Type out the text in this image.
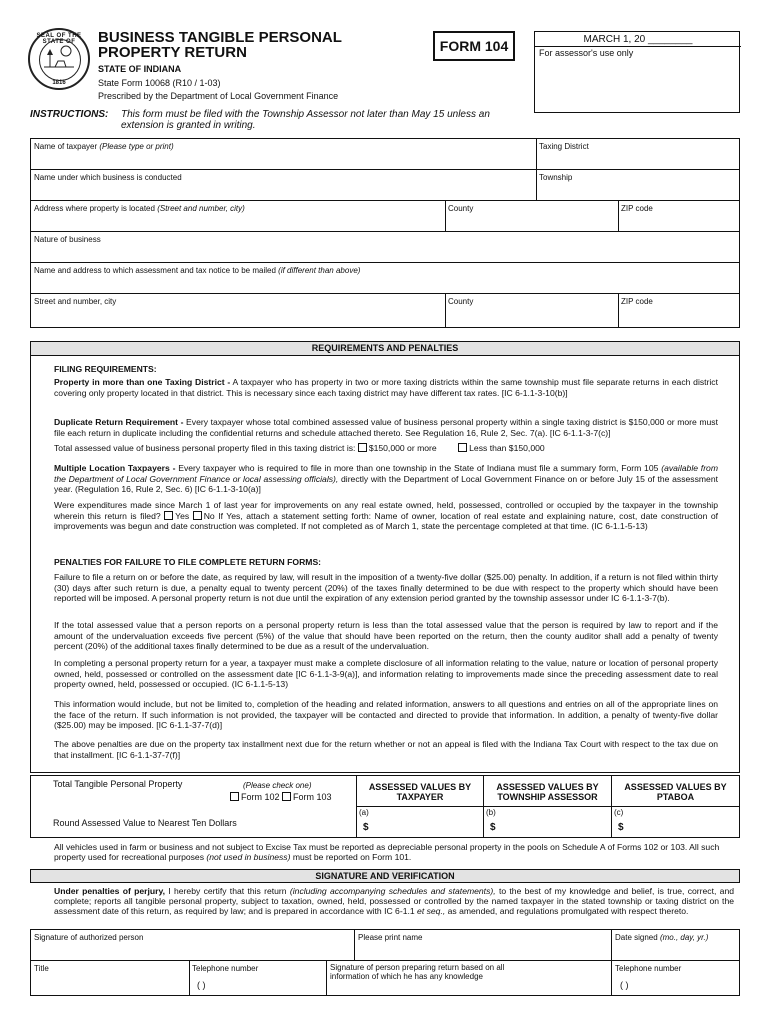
SEAL OF THE STATE OF
1816
BUSINESS TANGIBLE PERSONAL
PROPERTY RETURN
STATE OF INDIANA
State Form 10068 (R10 / 1-03)
Prescribed by the Department of Local Government Finance
FORM 104	MARCH 1, 20 ________
For assessor's use only
INSTRUCTIONS: This form must be filed with the Township Assessor not later than May 15 unless an extension is granted in writing.
Name of taxpayer (Please type or print)	Taxing District
Name under which business is conducted	Township
Address where property is located (Street and number, city)	County	ZIP code
Nature of business
Name and address to which assessment and tax notice to be mailed (if different than above)
Street and number, city	County	ZIP code
REQUIREMENTS AND PENALTIES
FILING REQUIREMENTS:
Property in more than one Taxing District - A taxpayer who has property in two or more taxing districts within the same township must file separate returns in each district covering only property located in that district. This is necessary since each taxing district may have different tax rates. [IC 6-1.1-3-10(b)]
Duplicate Return Requirement - Every taxpayer whose total combined assessed value of business personal property within a single taxing district is $150,000 or more must file each return in duplicate including the confidential returns and schedule attached thereto. See Regulation 16, Rule 2, Sec. 7(a). [IC 6-1.1-3-7(c)]
Total assessed value of business personal property filed in this taxing district is: $150,000 or more	Less than $150,000
Multiple Location Taxpayers - Every taxpayer who is required to file in more than one township in the State of Indiana must file a summary form, Form 105 (available from the Department of Local Government Finance or local assessing officials), directly with the Department of Local Government Finance on or before July 15 of the assessment year. (Regulation 16, Rule 2, Sec. 6) [IC 6-1.1-3-10(a)]
Were expenditures made since March 1 of last year for improvements on any real estate owned, held, possessed, controlled or occupied by the taxpayer in the township wherein this return is filed? Yes No If Yes, attach a statement setting forth: Name of owner, location of real estate and explaining nature, cost, date construction of improvements was begun and date construction was completed. If not completed as of March 1, state the percentage completed at that time. (IC 6-1.1-5-13)
PENALTIES FOR FAILURE TO FILE COMPLETE RETURN FORMS:
Failure to file a return on or before the date, as required by law, will result in the imposition of a twenty-five dollar ($25.00) penalty. In addition, if a return is not filed within thirty (30) days after such return is due, a penalty equal to twenty percent (20%) of the taxes finally determined to be due with respect to the property which should have been reported will be imposed. A personal property return is not due until the expiration of any extension period granted by the township assessor under IC 6-1.1-3-7(b).
If the total assessed value that a person reports on a personal property return is less than the total assessed value that the person is required by law to report and if the amount of the undervaluation exceeds five percent (5%) of the value that should have been reported on the return, then the county auditor shall add a penalty of twenty percent (20%) of the additional taxes finally determined to be due as a result of the undervaluation.
In completing a personal property return for a year, a taxpayer must make a complete disclosure of all information relating to the value, nature or location of personal property owned, held, possessed or controlled on the assessment date [IC 6-1.1-3-9(a)], and information relating to improvements made since the preceding assessment date to real property owned, held, possessed or occupied. (IC 6-1.1-5-13)
This information would include, but not be limited to, completion of the heading and related information, answers to all questions and entries on all of the appropriate lines on the face of the return. If such information is not provided, the taxpayer will be contacted and directed to provide that information. In addition, a penalty of twenty-five dollar ($25.00) may be imposed. [IC 6-1.1-37-7(d)]
The above penalties are due on the property tax installment next due for the return whether or not an appeal is filed with the Indiana Tax Court with respect to the tax due on that installment. [IC 6-1.1-37-7(f)]
Total Tangible Personal Property	(Please check one)
Form 102 Form 103
Round Assessed Value to Nearest Ten Dollars
ASSESSED VALUES BY TAXPAYER
ASSESSED VALUES BY TOWNSHIP ASSESSOR
ASSESSED VALUES BY PTABOA
(a)	(b)	(c)
$	$	$
All vehicles used in farm or business and not subject to Excise Tax must be reported as depreciable personal property in the pools on Schedule A of Forms 102 or 103. All such property used for recreational purposes (not used in business) must be reported on Form 101.
SIGNATURE AND VERIFICATION
Under penalties of perjury, I hereby certify that this return (including accompanying schedules and statements), to the best of my knowledge and belief, is true, correct, and complete; reports all tangible personal property, subject to taxation, owned, held, possessed or controlled by the named taxpayer in the stated township or taxing district on the assessment date of this return, as required by law; and is prepared in accordance with IC 6-1.1 et seq., as amended, and regulations promulgated with respect thereto.
Signature of authorized person	Please print name	Date signed (mo., day, yr.)
Title	Telephone number
( )
Signature of person preparing return based on all information of which he has any knowledge
Telephone number
( )
